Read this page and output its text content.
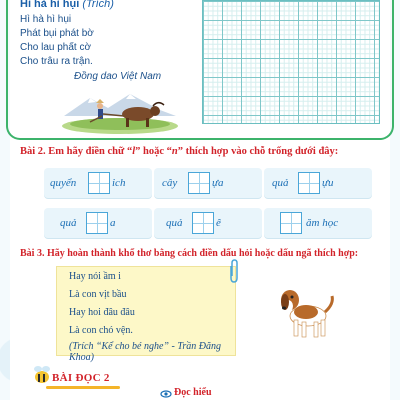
Hì hà hì hụi (Trích)
Hì hà hì hụi
Phát bụi phát bờ
Cho lau phất cờ
Cho trâu ra trận.
Đồng dao Việt Nam
Bài 2. Em hãy điền chữ “l” hoặc “n” thích hợp vào chỗ trống dưới đây:
quyển	ich	cây	ựa	quả	ựu
quả	a	quả	ê	ăm học
Bài 3. Hãy hoàn thành khổ thơ bằng cách điền dấu hỏi hoặc dấu ngã thích hợp:
Hay nói ầm i
Là con vịt bầu
Hay hoi đâu đâu
Là con chó vện.
(Trích “Kể cho bé nghe” - Trần Đăng Khoa)
BÀI ĐỌC 2
Đọc hiểu
